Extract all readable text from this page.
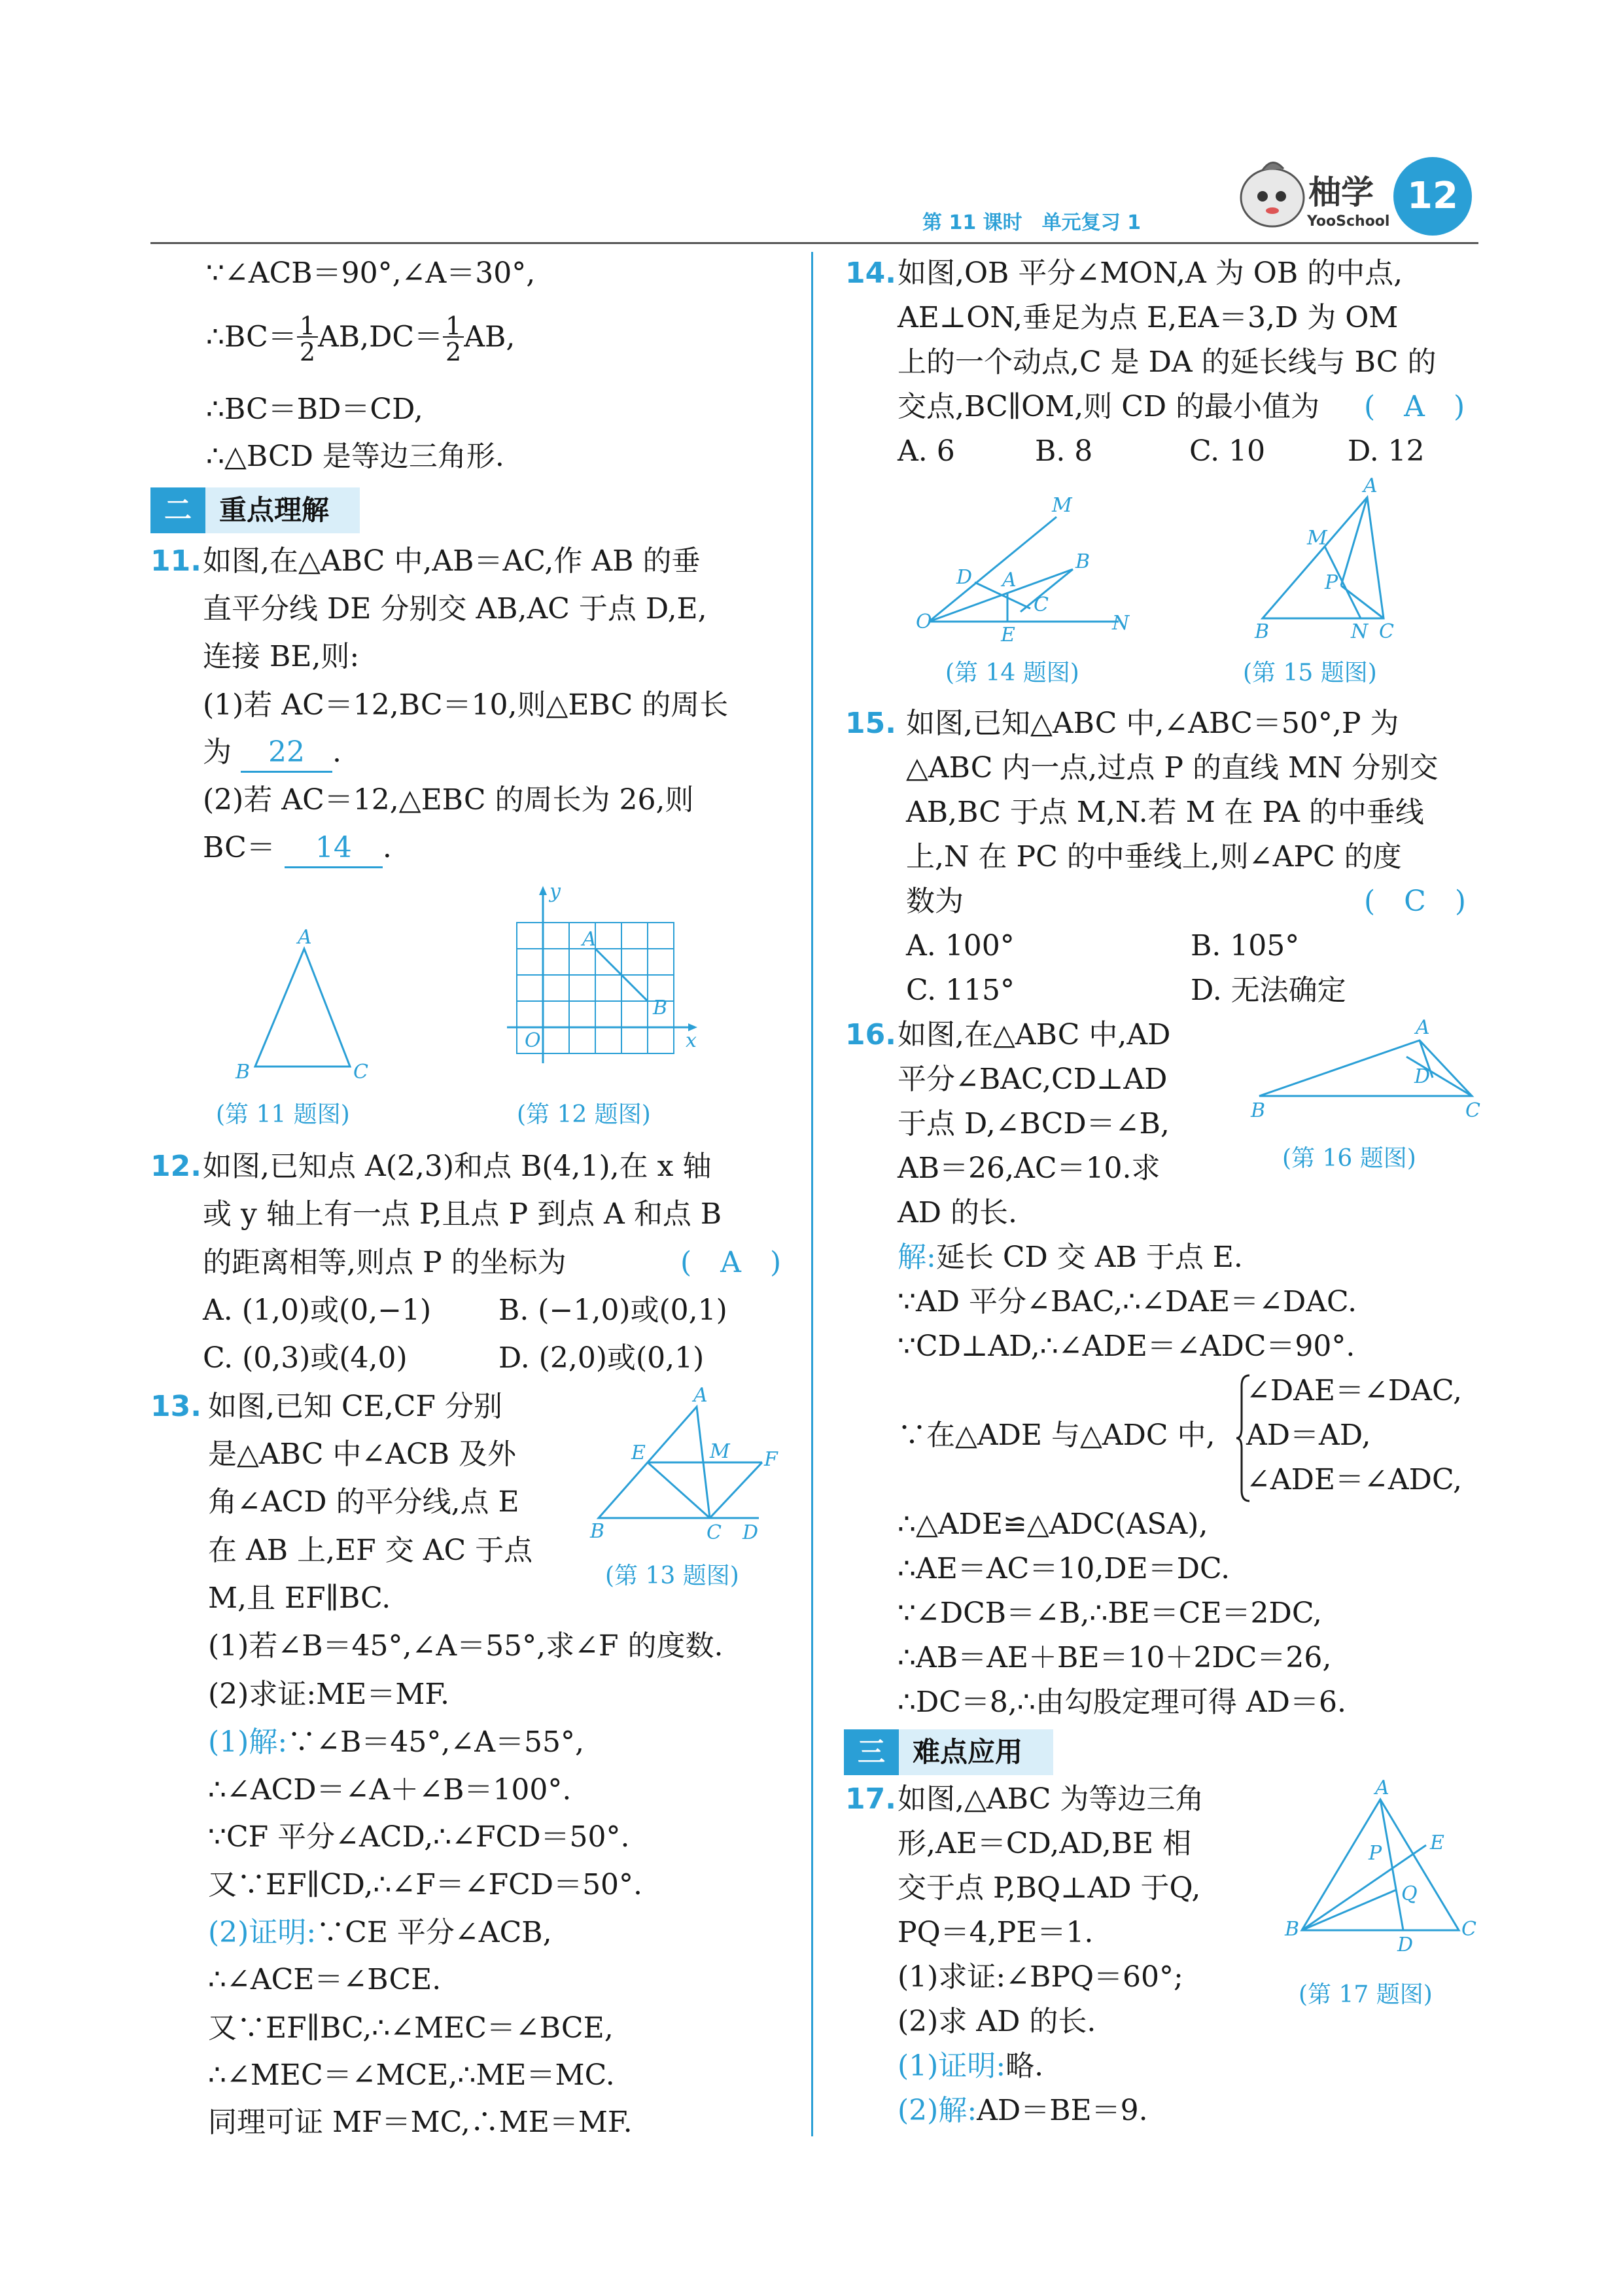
第 11 课时　单元复习 1
柚学
YooSchool
12
∵∠ACB＝90°,∠A＝30°,
∴BC＝ 1
2AB,DC＝ 1
2AB,
∴BC＝BD＝CD,
∴△BCD 是等边三角形.
二	重点理解
11. 如图,在△ABC 中,AB＝AC,作 AB 的垂
直平分线 DE 分别交 AB,AC 于点 D,E,
连接 BE,则:
(1)若 AC＝12,BC＝10,则△EBC 的周长
为 22 .
(2)若 AC＝12,△EBC 的周长为 26,则
BC＝ 14 .
A
B	C
(第 11 题图)
y
A
B
O	x
(第 12 题图)
12. 如图,已知点 A(2,3)和点 B(4,1),在 x 轴
或 y 轴上有一点 P,且点 P 到点 A 和点 B
的距离相等,则点 P 的坐标为	(　A　)
A. (1,0)或(0,−1) B. (−1,0)或(0,1)
C. (0,3)或(4,0)	D. (2,0)或(0,1)
13. 如图,已知 CE,CF 分别
是△ABC 中∠ACB 及外
角∠ACD 的平分线,点 E
在 AB 上,EF 交 AC 于点
M,且 EF∥BC.
A
E	M F
B	C D
(第 13 题图)
(1)若∠B＝45°,∠A＝55°,求∠F 的度数.
(2)求证:ME＝MF.
(1)解:∵∠B＝45°,∠A＝55°,
∴∠ACD＝∠A＋∠B＝100°.
∵CF 平分∠ACD,∴∠FCD＝50°.
又∵EF∥CD,∴∠F＝∠FCD＝50°.
(2)证明:∵CE 平分∠ACB,
∴∠ACE＝∠BCE.
又∵EF∥BC,∴∠MEC＝∠BCE,
∴∠MEC＝∠MCE,∴ME＝MC.
同理可证 MF＝MC,∴ME＝MF.
14. 如图,OB 平分∠MON,A 为 OB 的中点,
AE⊥ON,垂足为点 E,EA＝3,D 为 OM
上的一个动点,C 是 DA 的延长线与 BC 的
交点,BC∥OM,则 CD 的最小值为 (　A　)
A. 6	B. 8	C. 10	D. 12
M
D A
B
C
O
E
N
(第 14 题图)
A
M
P
B	N C
(第 15 题图)
15. 如图,已知△ABC 中,∠ABC＝50°,P 为
△ABC 内一点,过点 P 的直线 MN 分别交
AB,BC 于点 M,N.若 M 在 PA 的中垂线
上,N 在 PC 的中垂线上,则∠APC 的度
数为	(　C　)
A. 100°	B. 105°
C. 115°	D. 无法确定
16. 如图,在△ABC 中,AD
平分∠BAC,CD⊥AD
于点 D,∠BCD＝∠B,
AB＝26,AC＝10.求
AD 的长.
A
D
B	C
(第 16 题图)
解:延长 CD 交 AB 于点 E.
∵AD 平分∠BAC,∴∠DAE＝∠DAC.
∵CD⊥AD,∴∠ADE＝∠ADC＝90°.
∵在△ADE 与△ADC 中,
∠DAE＝∠DAC,
AD＝AD,
∠ADE＝∠ADC,
∴△ADE≌△ADC(ASA),
∴AE＝AC＝10,DE＝DC.
∵∠DCB＝∠B,∴BE＝CE＝2DC,
∴AB＝AE＋BE＝10＋2DC＝26,
∴DC＝8,∴由勾股定理可得 AD＝6.
三	难点应用
17. 如图,△ABC 为等边三角
形,AE＝CD,AD,BE 相
交于点 P,BQ⊥AD 于Q,
PQ＝4,PE＝1.
(1)求证:∠BPQ＝60°;
(2)求 AD 的长.
(1)证明:略.
(2)解:AD＝BE＝9.
A
E
P
Q
B	C
D
(第 17 题图)
